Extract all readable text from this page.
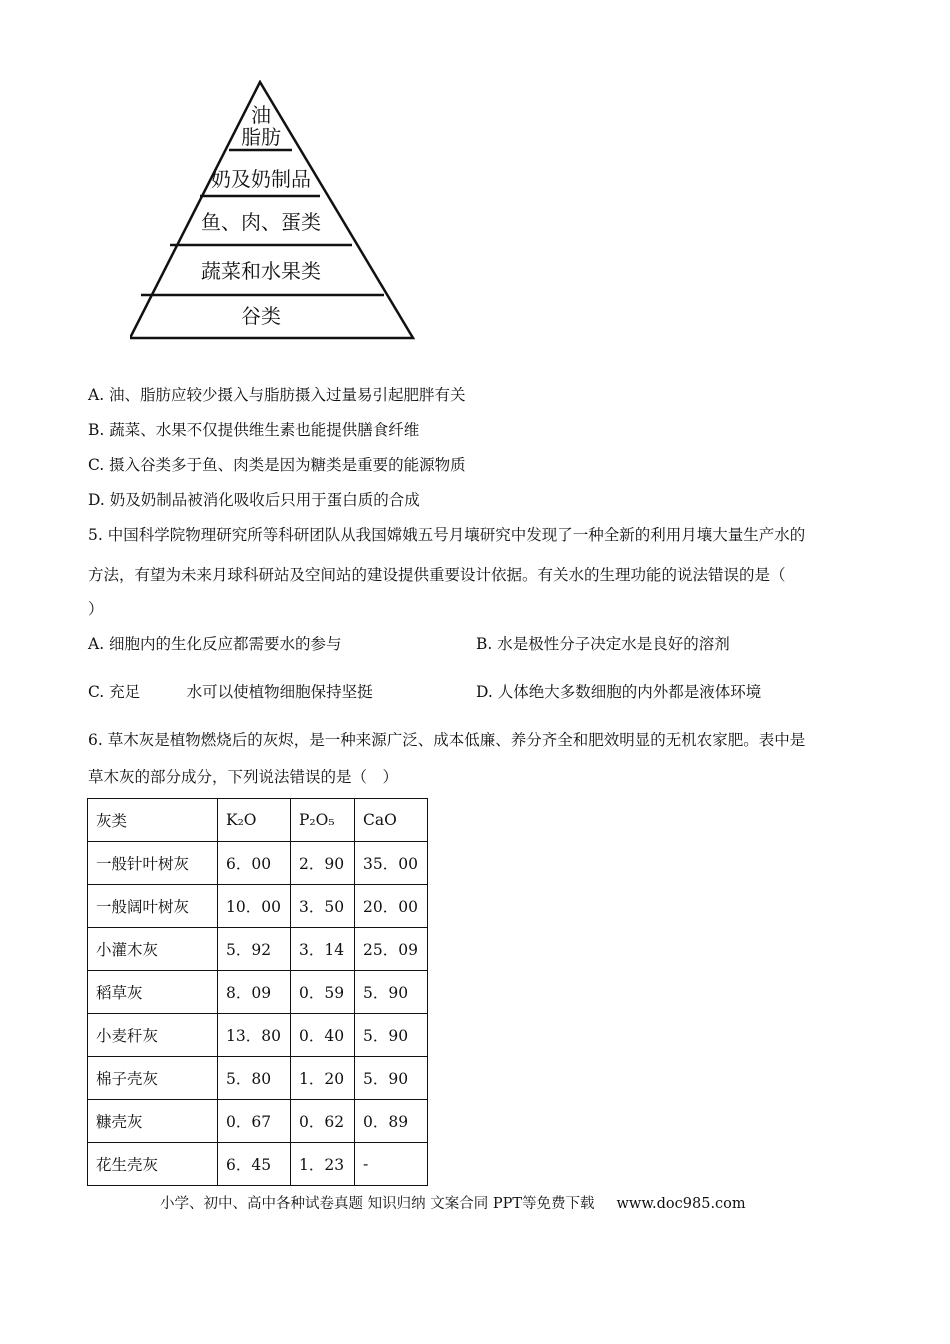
油
脂肪
奶及奶制品
鱼、肉、蛋类
蔬菜和水果类
谷类
A. 油、脂肪应较少摄入与脂肪摄入过量易引起肥胖有关
B. 蔬菜、水果不仅提供维生素也能提供膳食纤维
C. 摄入谷类多于鱼、肉类是因为糖类是重要的能源物质
D. 奶及奶制品被消化吸收后只用于蛋白质的合成
5. 中国科学院物理研究所等科研团队从我国嫦娥五号月壤研究中发现了一种全新的利用月壤大量生产水的
方法，有望为未来月球科研站及空间站的建设提供重要设计依据。有关水的生理功能的说法错误的是（
）
A. 细胞内的生化反应都需要水的参与	B. 水是极性分子决定水是良好的溶剂
C. 充足　　　水可以使植物细胞保持坚挺	D. 人体绝大多数细胞的内外都是液体环境
6. 草木灰是植物燃烧后的灰烬，是一种来源广泛、成本低廉、养分齐全和肥效明显的无机农家肥。表中是
草木灰的部分成分，下列说法错误的是（　）
灰类	K₂O	P₂O₅	CaO
一般针叶树灰	6．00	2．90	35．00
一般阔叶树灰	10．00	3．50	20．00
小灌木灰	5．92	3．14	25．09
稻草灰	8．09	0．59	5．90
小麦秆灰	13．80	0．40	5．90
棉子壳灰	5．80	1．20	5．90
糠壳灰	0．67	0．62	0．89
花生壳灰	6．45	1．23	-
小学、初中、高中各种试卷真题 知识归纳 文案合同 PPT等免费下载 www.doc985.com
